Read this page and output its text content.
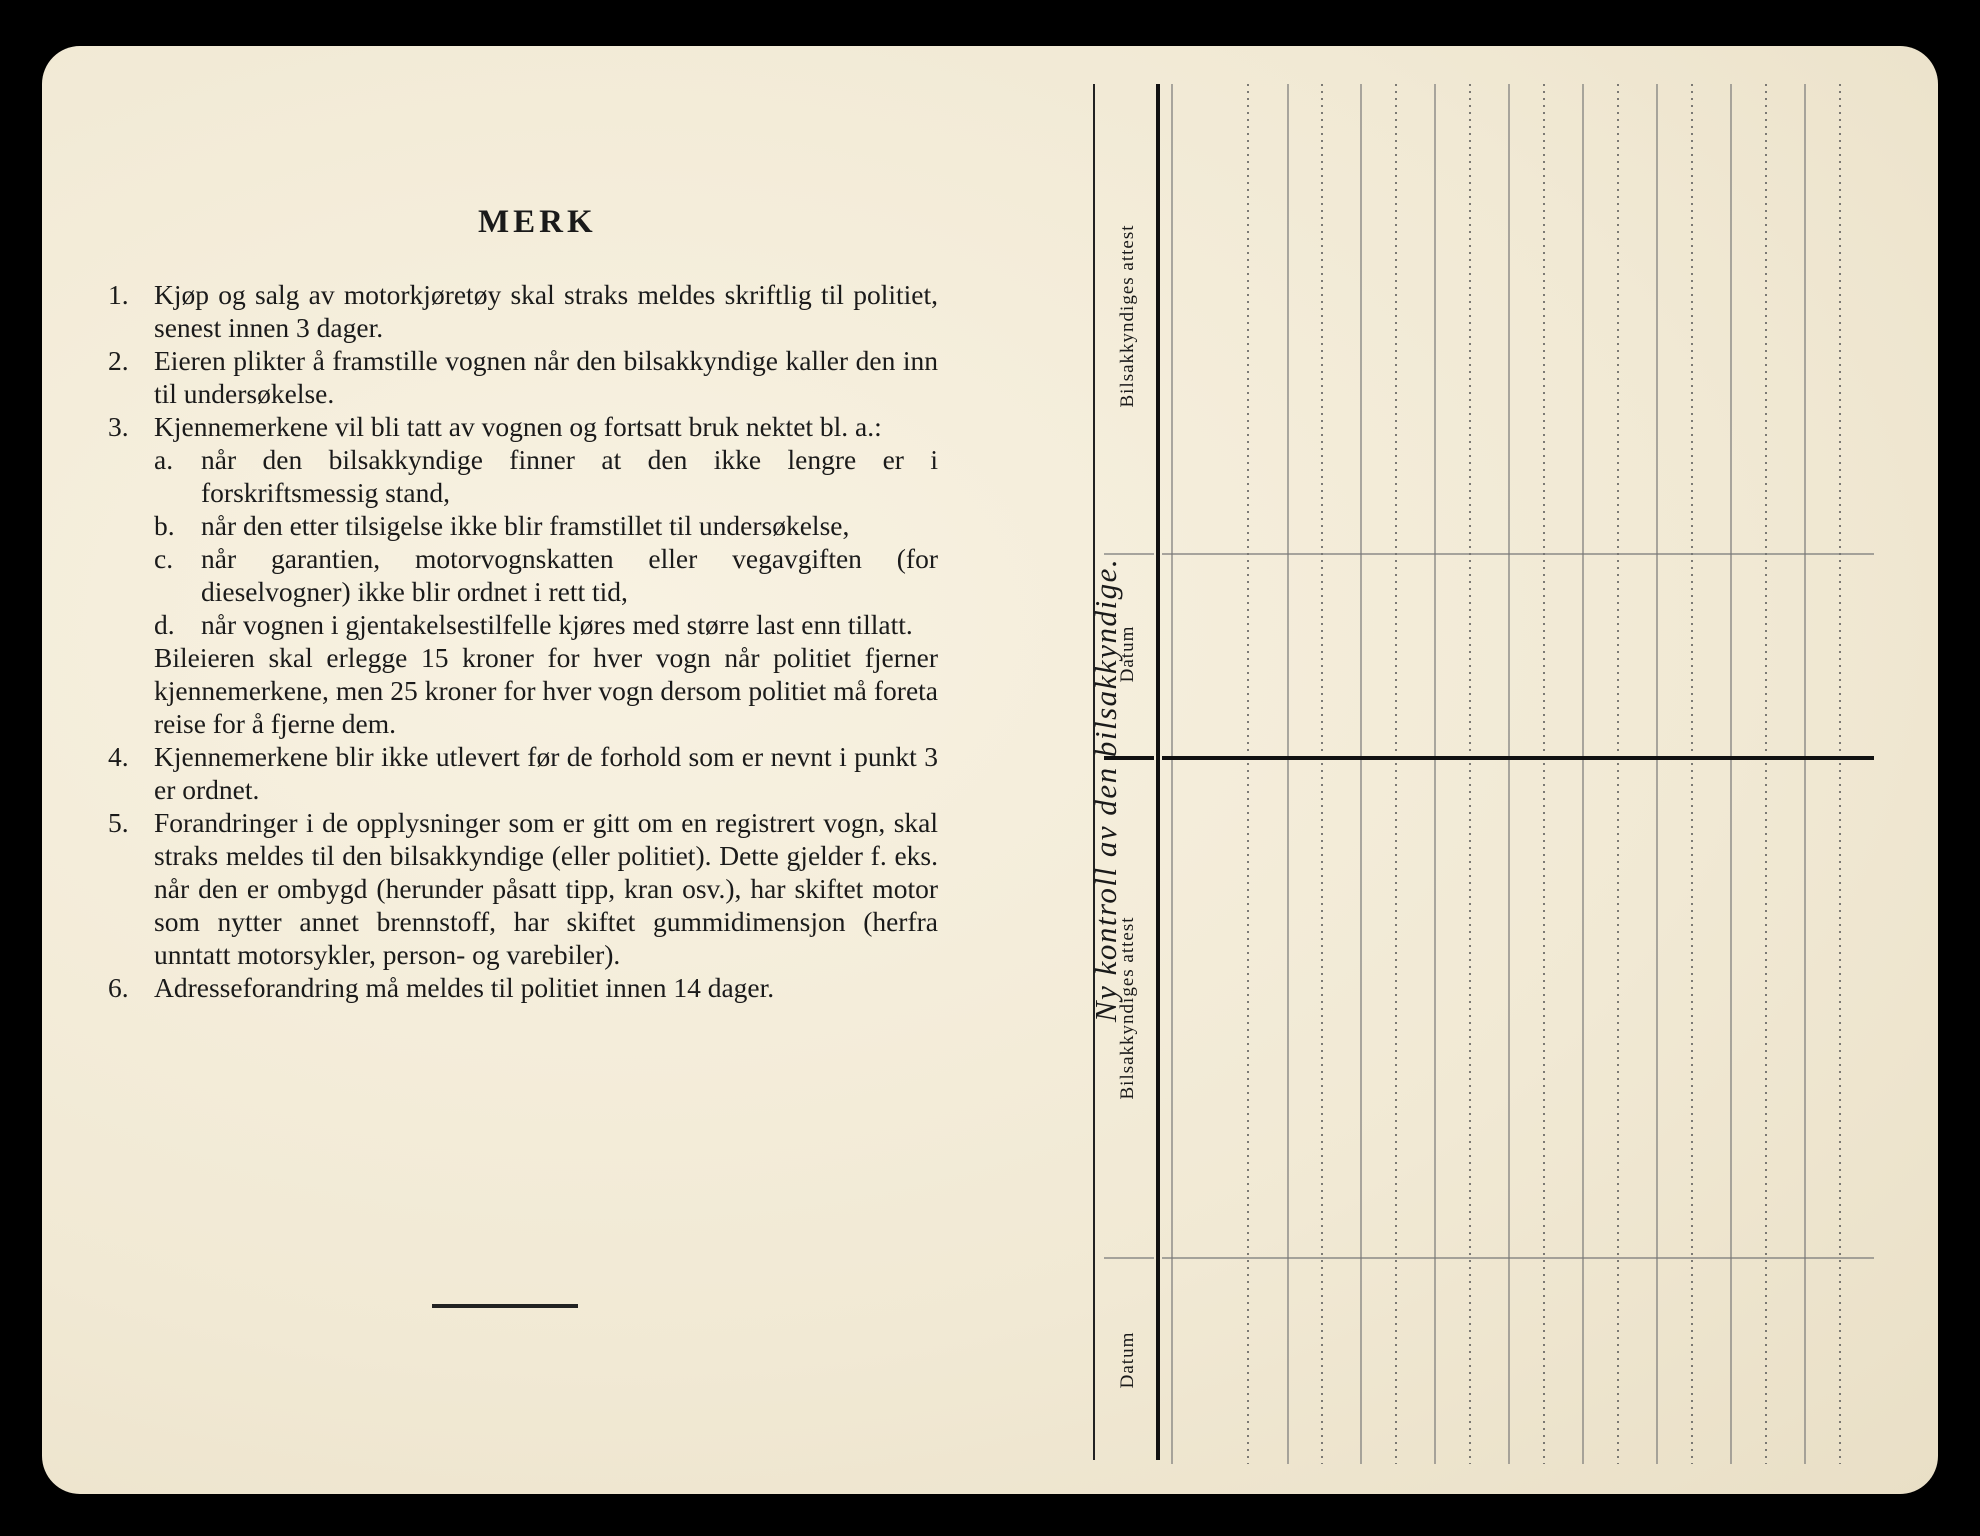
MERK
1. Kjøp og salg av motorkjøretøy skal straks meldes skriftlig til politiet, senest innen 3 dager.
2. Eieren plikter å framstille vognen når den bilsakkyndige kaller den inn til undersøkelse.
3. Kjennemerkene vil bli tatt av vognen og fortsatt bruk nektet bl. a.:
a. når den bilsakkyndige finner at den ikke lengre er i forskriftsmessig stand,
b. når den etter tilsigelse ikke blir framstillet til undersøkelse,
c. når garantien, motorvognskatten eller vegavgiften (for dieselvogner) ikke blir ordnet i rett tid,
d. når vognen i gjentakelsestilfelle kjøres med større last enn tillatt.
Bileieren skal erlegge 15 kroner for hver vogn når politiet fjerner kjennemerkene, men 25 kroner for hver vogn dersom politiet må foreta reise for å fjerne dem.
4. Kjennemerkene blir ikke utlevert før de forhold som er nevnt i punkt 3 er ordnet.
5. Forandringer i de opplysninger som er gitt om en registrert vogn, skal straks meldes til den bilsakkyndige (eller politiet). Dette gjelder f. eks. når den er ombygd (herunder påsatt tipp, kran osv.), har skiftet motor som nytter annet brennstoff, har skiftet gummidimensjon (herfra unntatt motorsykler, person- og varebiler).
6. Adresseforandring må meldes til politiet innen 14 dager.	Ny kontroll av den bilsakkyndige.
Bilsakkyndiges attest
Datum
Bilsakkyndiges attest
Datum
